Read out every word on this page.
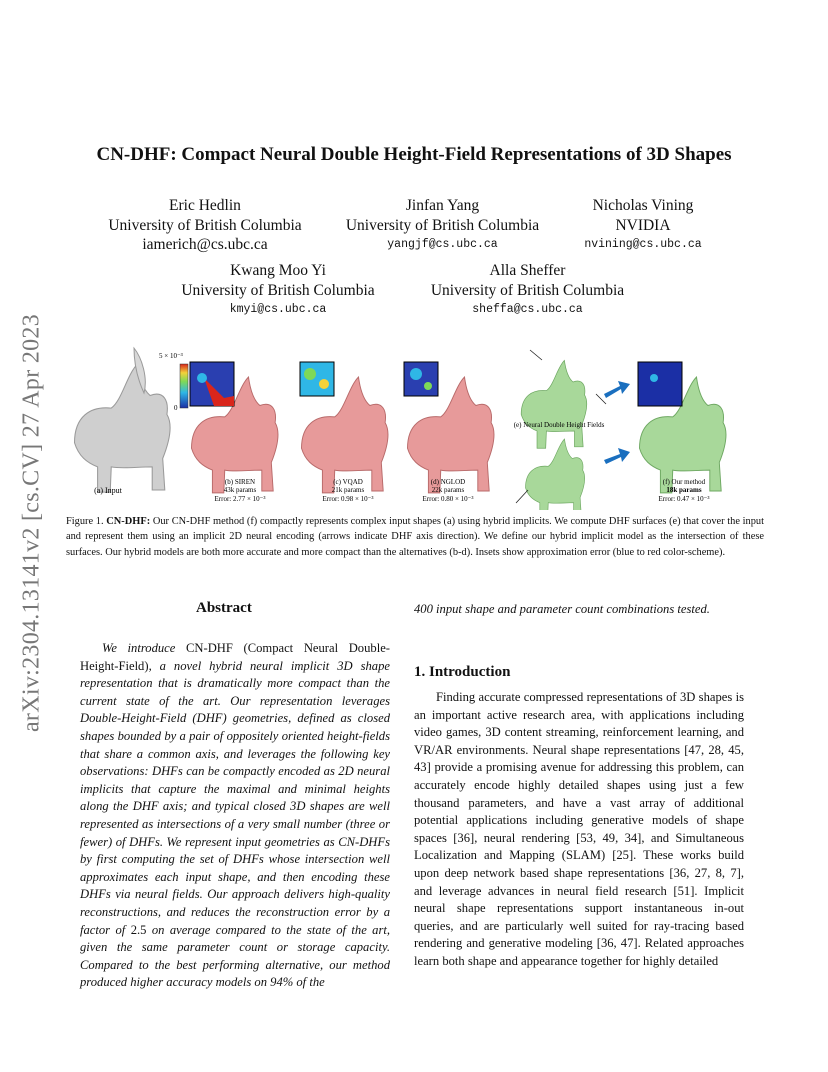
arXiv:2304.13141v2 [cs.CV] 27 Apr 2023
CN-DHF: Compact Neural Double Height-Field Representations of 3D Shapes
Eric Hedlin
University of British Columbia
iamerich@cs.ubc.ca
Jinfan Yang
University of British Columbia
yangjf@cs.ubc.ca
Nicholas Vining
NVIDIA
nvining@cs.ubc.ca
Kwang Moo Yi
University of British Columbia
kmyi@cs.ubc.ca
Alla Sheffer
University of British Columbia
sheffa@cs.ubc.ca
(a) Input
5 × 10⁻³
0
(b) SIREN
43k params
Error: 2.77 × 10⁻³
(c) VQAD
21k params
Error: 0.98 × 10⁻³
(d) NGLOD
22k params
Error: 0.80 × 10⁻³
(e) Neural Double Height Fields
(f) Our method
18k params
Error: 0.47 × 10⁻³
Figure 1. CN-DHF: Our CN-DHF method (f) compactly represents complex input shapes (a) using hybrid implicits. We compute DHF surfaces (e) that cover the input and represent them using an implicit 2D neural encoding (arrows indicate DHF axis direction). We define our hybrid implicit model as the intersection of these surfaces. Our hybrid models are both more accurate and more compact than the alternatives (b-d). Insets show approximation error (blue to red color-scheme).
Abstract
We introduce CN-DHF (Compact Neural Double-Height-Field), a novel hybrid neural implicit 3D shape representation that is dramatically more compact than the current state of the art. Our representation leverages Double-Height-Field (DHF) geometries, defined as closed shapes bounded by a pair of oppositely oriented height-fields that share a common axis, and leverages the following key observations: DHFs can be compactly encoded as 2D neural implicits that capture the maximal and minimal heights along the DHF axis; and typical closed 3D shapes are well represented as intersections of a very small number (three or fewer) of DHFs. We represent input geometries as CN-DHFs by first computing the set of DHFs whose intersection well approximates each input shape, and then encoding these DHFs via neural fields. Our approach delivers high-quality reconstructions, and reduces the reconstruction error by a factor of 2.5 on average compared to the state of the art, given the same parameter count or storage capacity. Compared to the best performing alternative, our method produced higher accuracy models on 94% of the
400 input shape and parameter count combinations tested.
1. Introduction
Finding accurate compressed representations of 3D shapes is an important active research area, with applications including video games, 3D content streaming, reinforcement learning, and VR/AR environments. Neural shape representations [47, 28, 45, 43] provide a promising avenue for addressing this problem, can accurately encode highly detailed shapes using just a few thousand parameters, and have a vast array of additional potential applications including generative models of shape spaces [36], neural rendering [53, 49, 34], and Simultaneous Localization and Mapping (SLAM) [25]. These works build upon deep network based shape representations [36, 27, 8, 7], and leverage advances in neural field research [51]. Implicit neural shape representations support instantaneous in-out queries, and are particularly well suited for ray-tracing based rendering and generative modeling [36, 47]. Related approaches learn both shape and appearance together for highly detailed
